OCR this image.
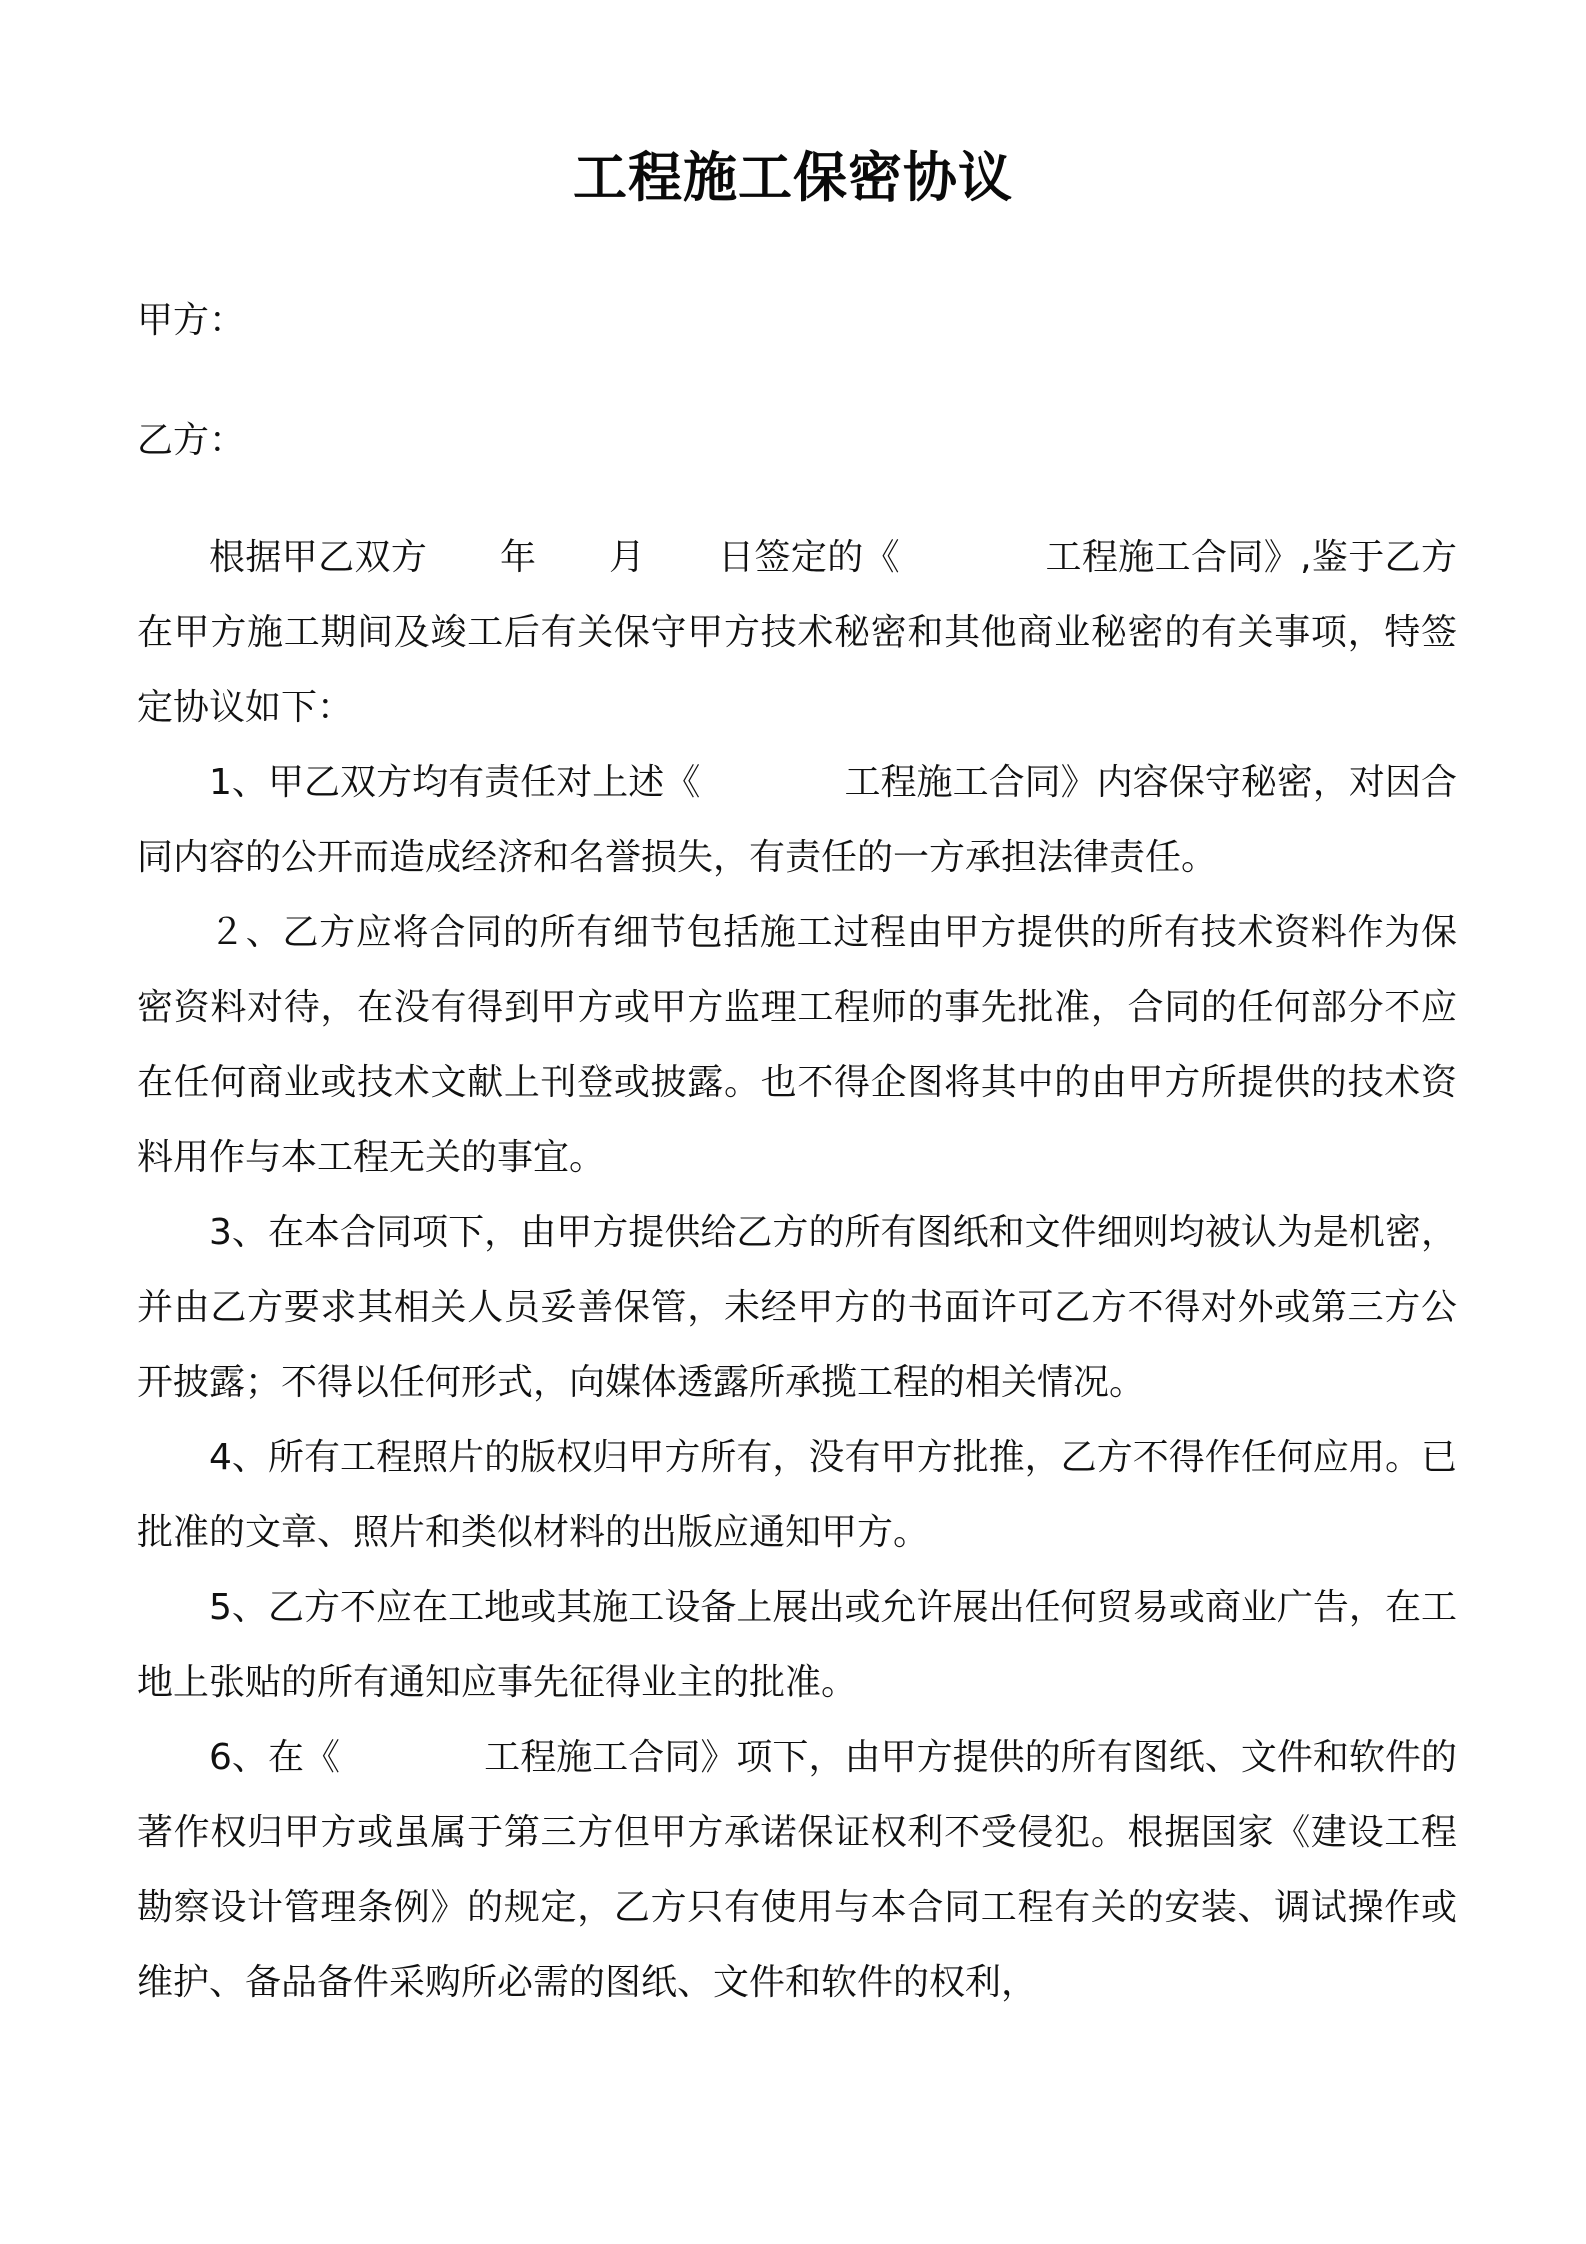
工程施工保密协议
甲方：
乙方：

根据甲乙双方　　年　　月　　日签定的《　　　　工程施工合同》,鉴于乙方在甲方施工期间及竣工后有关保守甲方技术秘密和其他商业秘密的有关事项，特签定协议如下：

1、甲乙双方均有责任对上述《　　　　工程施工合同》内容保守秘密，对因合同内容的公开而造成经济和名誉损失，有责任的一方承担法律责任。

２、乙方应将合同的所有细节包括施工过程由甲方提供的所有技术资料作为保密资料对待，在没有得到甲方或甲方监理工程师的事先批准，合同的任何部分不应在任何商业或技术文献上刊登或披露。也不得企图将其中的由甲方所提供的技术资料用作与本工程无关的事宜。

3、在本合同项下，由甲方提供给乙方的所有图纸和文件细则均被认为是机密，并由乙方要求其相关人员妥善保管，未经甲方的书面许可乙方不得对外或第三方公开披露；不得以任何形式，向媒体透露所承揽工程的相关情况。

4、所有工程照片的版权归甲方所有，没有甲方批推，乙方不得作任何应用。已批准的文章、照片和类似材料的出版应通知甲方。

5、乙方不应在工地或其施工设备上展出或允许展出任何贸易或商业广告，在工地上张贴的所有通知应事先征得业主的批准。

6、在《　　　　工程施工合同》项下，由甲方提供的所有图纸、文件和软件的著作权归甲方或虽属于第三方但甲方承诺保证权利不受侵犯。根据国家《建设工程勘察设计管理条例》的规定，乙方只有使用与本合同工程有关的安装、调试操作或维护、备品备件采购所必需的图纸、文件和软件的权利，
